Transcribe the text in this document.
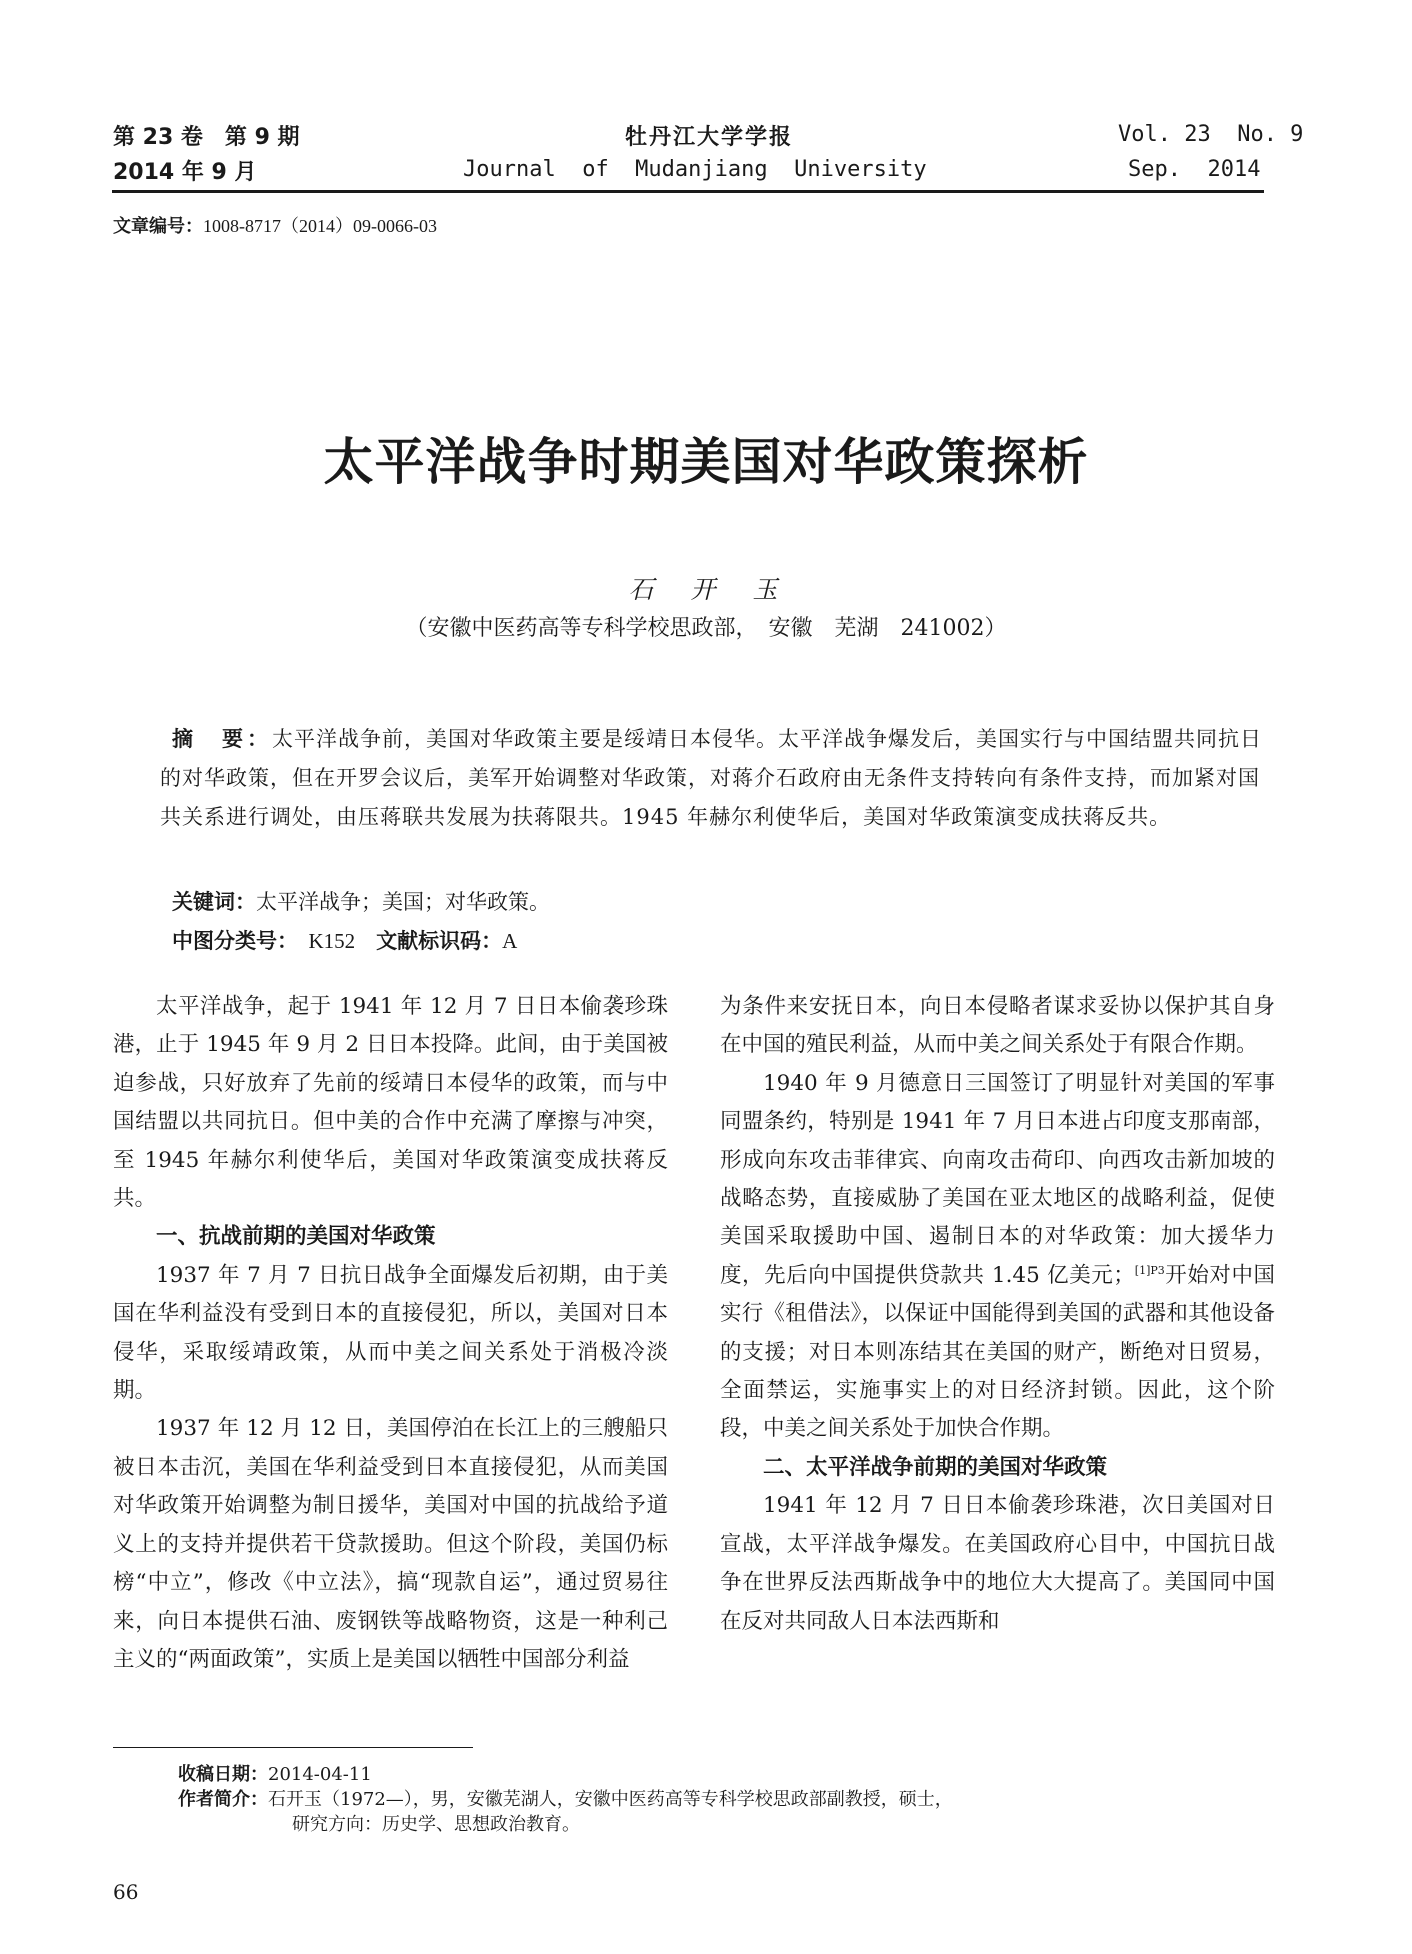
第 23 卷　第 9 期
2014 年 9 月
牡丹江大学学报
Journal  of  Mudanjiang  University
Vol. 23  No. 9
Sep.  2014
文章编号：1008-8717（2014）09-0066-03
太平洋战争时期美国对华政策探析
石　开　玉
（安徽中医药高等专科学校思政部，　安徽　芜湖　241002）
摘　要：太平洋战争前，美国对华政策主要是绥靖日本侵华。太平洋战争爆发后，美国实行与中国结盟共同抗日的对华政策，但在开罗会议后，美军开始调整对华政策，对蒋介石政府由无条件支持转向有条件支持，而加紧对国共关系进行调处，由压蒋联共发展为扶蒋限共。1945 年赫尔利使华后，美国对华政策演变成扶蒋反共。
关键词：太平洋战争；美国；对华政策。
中图分类号：　 K152　 文献标识码：A

太平洋战争，起于 1941 年 12 月 7 日日本偷袭珍珠港，止于 1945 年 9 月 2 日日本投降。此间，由于美国被迫参战，只好放弃了先前的绥靖日本侵华的政策，而与中国结盟以共同抗日。但中美的合作中充满了摩擦与冲突，至 1945 年赫尔利使华后，美国对华政策演变成扶蒋反共。

一、抗战前期的美国对华政策

1937 年 7 月 7 日抗日战争全面爆发后初期，由于美国在华利益没有受到日本的直接侵犯，所以，美国对日本侵华，采取绥靖政策，从而中美之间关系处于消极冷淡期。

1937 年 12 月 12 日，美国停泊在长江上的三艘船只被日本击沉，美国在华利益受到日本直接侵犯，从而美国对华政策开始调整为制日援华，美国对中国的抗战给予道义上的支持并提供若干贷款援助。但这个阶段，美国仍标榜“中立”，修改《中立法》，搞“现款自运”，通过贸易往来，向日本提供石油、废钢铁等战略物资，这是一种利己主义的“两面政策”，实质上是美国以牺牲中国部分利益

为条件来安抚日本，向日本侵略者谋求妥协以保护其自身在中国的殖民利益，从而中美之间关系处于有限合作期。

1940 年 9 月德意日三国签订了明显针对美国的军事同盟条约，特别是 1941 年 7 月日本进占印度支那南部，形成向东攻击菲律宾、向南攻击荷印、向西攻击新加坡的战略态势，直接威胁了美国在亚太地区的战略利益，促使美国采取援助中国、遏制日本的对华政策：加大援华力度，先后向中国提供贷款共 1.45 亿美元；$^{[1]P3}$开始对中国实行《租借法》，以保证中国能得到美国的武器和其他设备的支援；对日本则冻结其在美国的财产，断绝对日贸易，全面禁运，实施事实上的对日经济封锁。因此，这个阶段，中美之间关系处于加快合作期。

二、太平洋战争前期的美国对华政策

1941 年 12 月 7 日日本偷袭珍珠港，次日美国对日宣战，太平洋战争爆发。在美国政府心目中，中国抗日战争在世界反法西斯战争中的地位大大提高了。美国同中国在反对共同敌人日本法西斯和

收稿日期：2014-04-11
作者简介：石开玉（1972—），男，安徽芜湖人，安徽中医药高等专科学校思政部副教授，硕士，
研究方向：历史学、思想政治教育。
66
